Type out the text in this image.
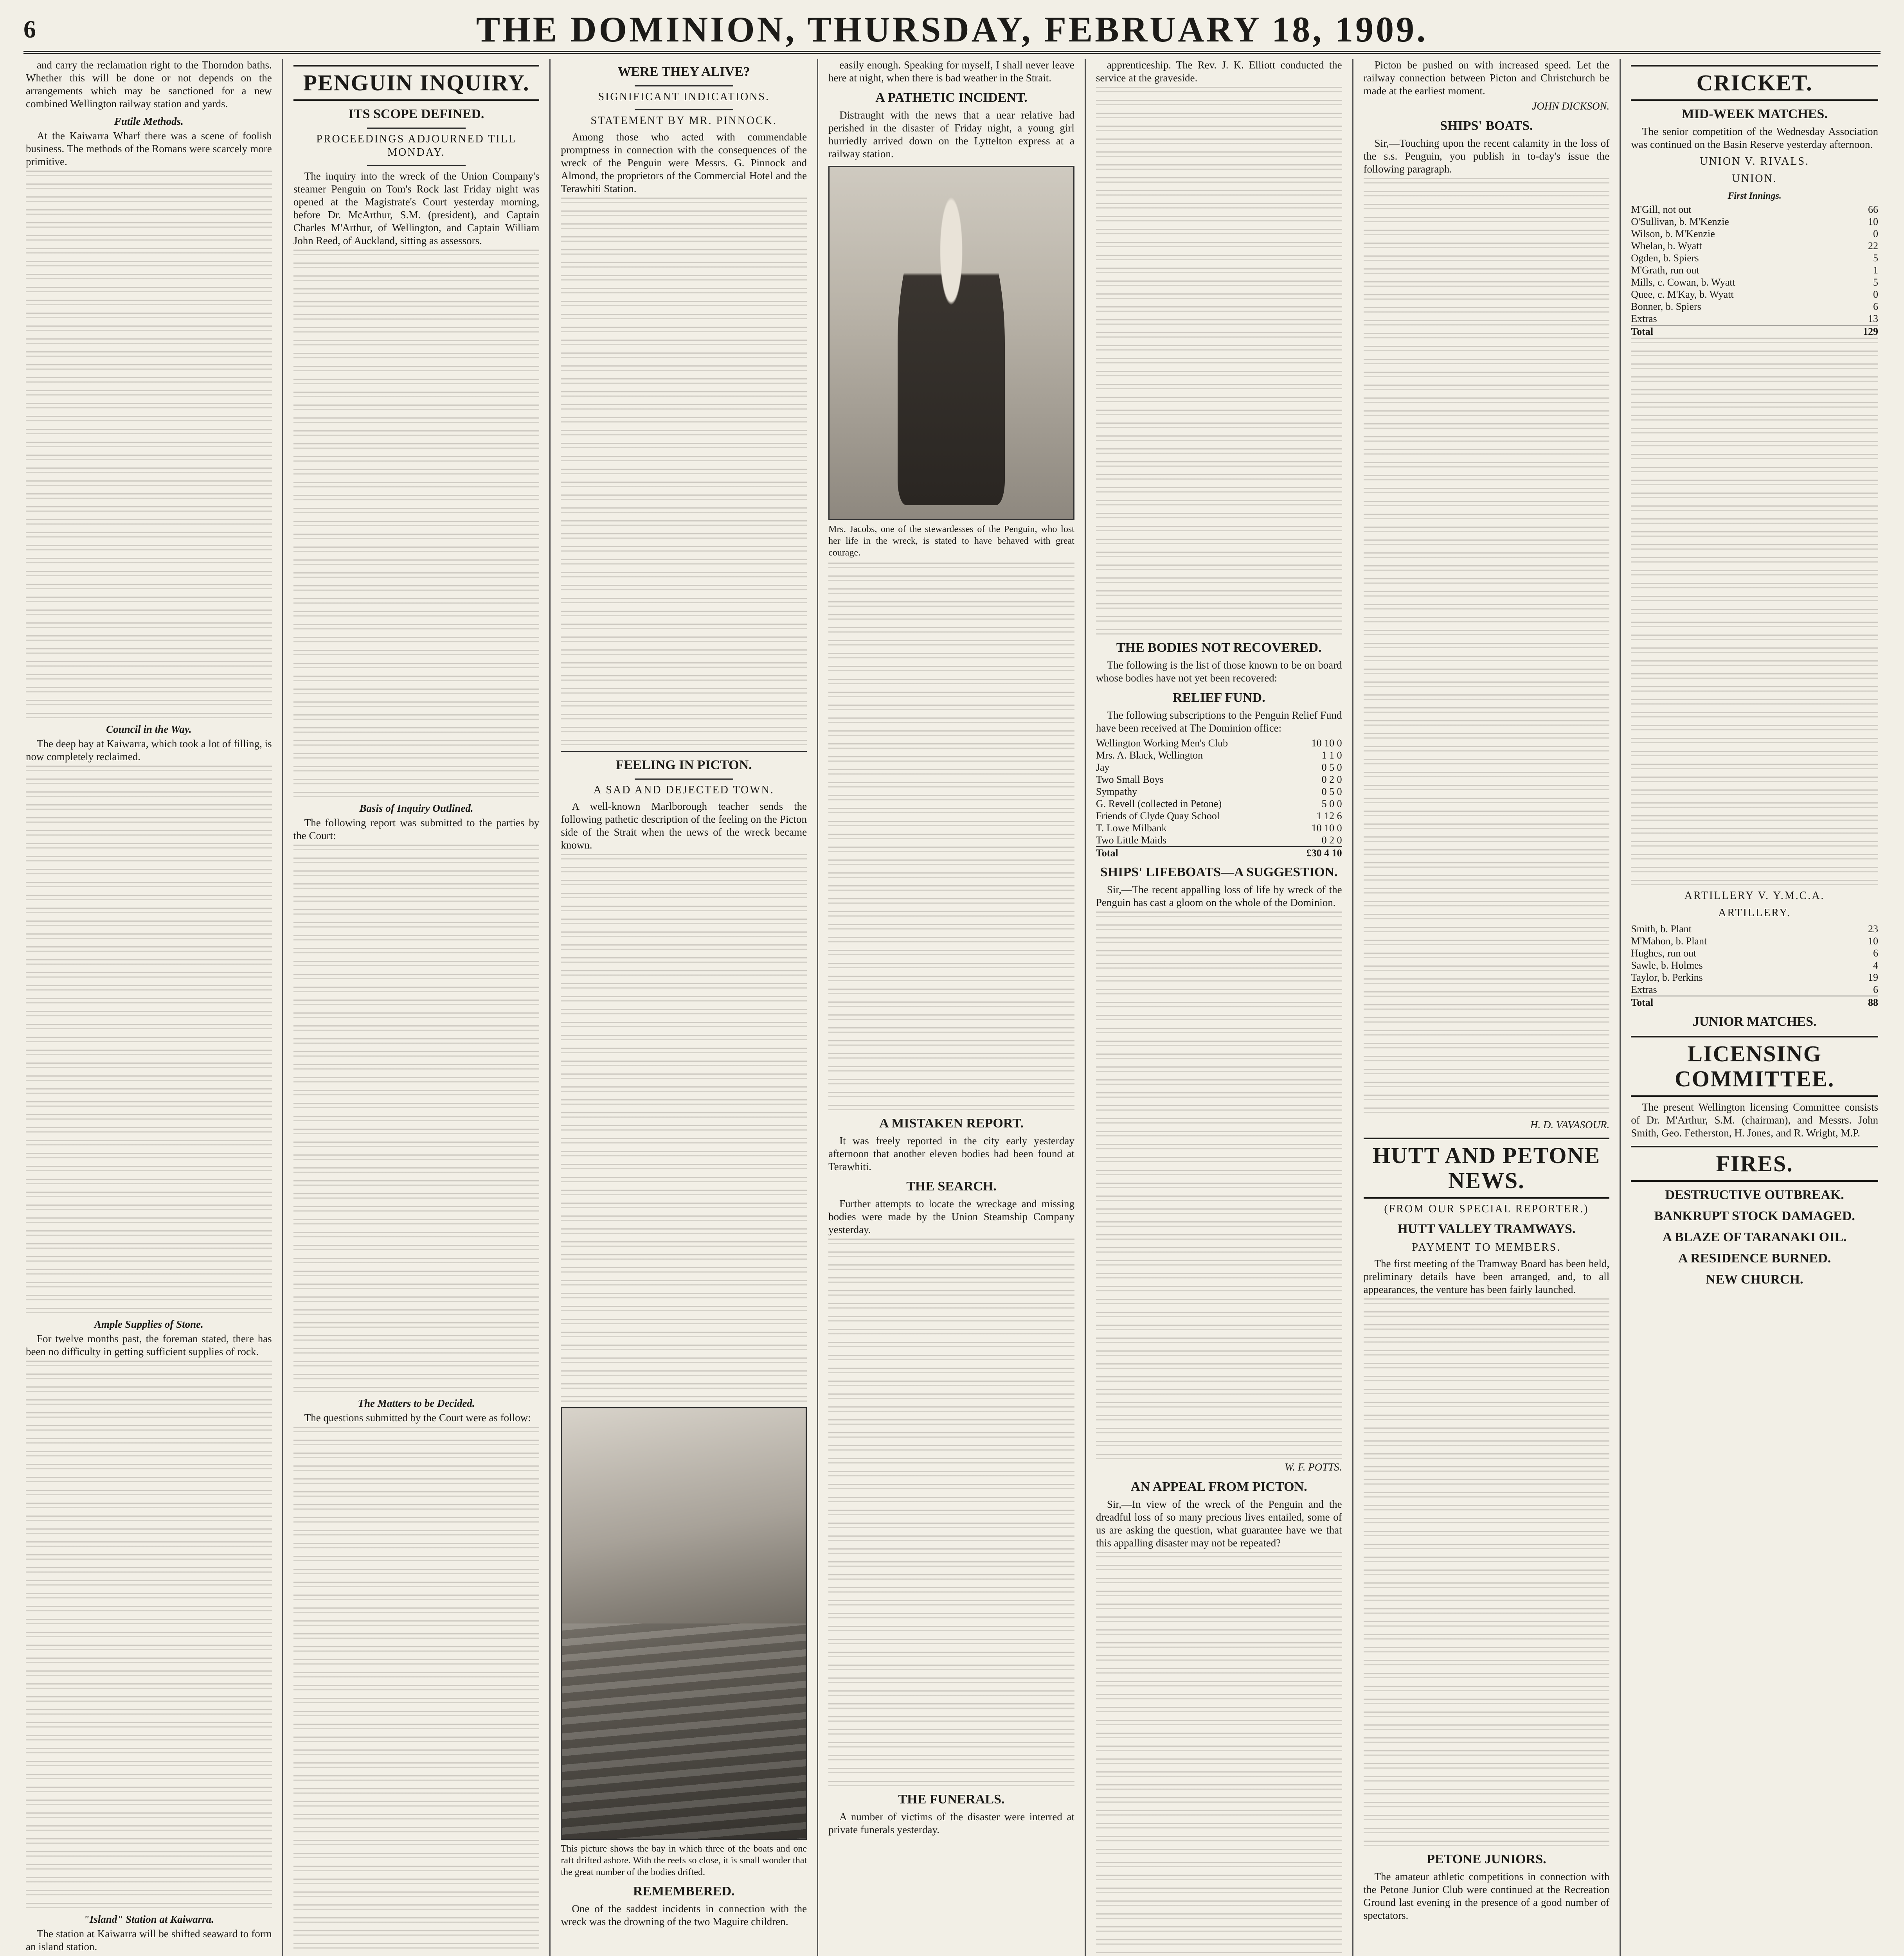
6	THE DOMINION, THURSDAY, FEBRUARY 18, 1909.

and carry the reclamation right to the Thorndon baths. Whether this will be done or not depends on the arrangements which may be sanctioned for a new combined Wellington railway station and yards.

Futile Methods.

At the Kaiwarra Wharf there was a scene of foolish business. The methods of the Romans were scarcely more primitive.

Council in the Way.

The deep bay at Kaiwarra, which took a lot of filling, is now completely reclaimed.

Ample Supplies of Stone.

For twelve months past, the foreman stated, there has been no difficulty in getting sufficient supplies of rock.

"Island" Station at Kaiwarra.

The station at Kaiwarra will be shifted seaward to form an island station.

PENGUIN INQUIRY.
ITS SCOPE DEFINED.
PROCEEDINGS ADJOURNED TILL MONDAY.

The inquiry into the wreck of the Union Company's steamer Penguin on Tom's Rock last Friday night was opened at the Magistrate's Court yesterday morning, before Dr. McArthur, S.M. (president), and Captain Charles M'Arthur, of Wellington, and Captain William John Reed, of Auckland, sitting as assessors.

Basis of Inquiry Outlined.

The following report was submitted to the parties by the Court:

The Matters to be Decided.

The questions submitted by the Court were as follow:

WERE THEY ALIVE?
SIGNIFICANT INDICATIONS.
STATEMENT BY MR. PINNOCK.

Among those who acted with commendable promptness in connection with the consequences of the wreck of the Penguin were Messrs. G. Pinnock and Almond, the proprietors of the Commercial Hotel and the Terawhiti Station.

FEELING IN PICTON.
A SAD AND DEJECTED TOWN.

A well-known Marlborough teacher sends the following pathetic description of the feeling on the Picton side of the Strait when the news of the wreck became known.

This picture shows the bay in which three of the boats and one raft drifted ashore. With the reefs so close, it is small wonder that the great number of the bodies drifted.
REMEMBERED.

One of the saddest incidents in connection with the wreck was the drowning of the two Maguire children.

easily enough. Speaking for myself, I shall never leave here at night, when there is bad weather in the Strait.

A PATHETIC INCIDENT.

Distraught with the news that a near relative had perished in the disaster of Friday night, a young girl hurriedly arrived down on the Lyttelton express at a railway station.

Mrs. Jacobs, one of the stewardesses of the Penguin, who lost her life in the wreck, is stated to have behaved with great courage.
A MISTAKEN REPORT.

It was freely reported in the city early yesterday afternoon that another eleven bodies had been found at Terawhiti.

THE SEARCH.

Further attempts to locate the wreckage and missing bodies were made by the Union Steamship Company yesterday.

THE FUNERALS.

A number of victims of the disaster were interred at private funerals yesterday.

apprenticeship. The Rev. J. K. Elliott conducted the service at the graveside.

THE BODIES NOT RECOVERED.

The following is the list of those known to be on board whose bodies have not yet been recovered:

RELIEF FUND.

The following subscriptions to the Penguin Relief Fund have been received at The Dominion office:

Wellington Working Men's Club	10 10 0
Mrs. A. Black, Wellington	1 1 0
Jay	0 5 0
Two Small Boys	0 2 0
Sympathy	0 5 0
G. Revell (collected in Petone)	5 0 0
Friends of Clyde Quay School	1 12 6
T. Lowe Milbank	10 10 0
Two Little Maids	0 2 0
Total	£30 4 10
SHIPS' LIFEBOATS—A SUGGESTION.

Sir,—The recent appalling loss of life by wreck of the Penguin has cast a gloom on the whole of the Dominion.

W. F. POTTS.
AN APPEAL FROM PICTON.

Sir,—In view of the wreck of the Penguin and the dreadful loss of so many precious lives entailed, some of us are asking the question, what guarantee have we that this appalling disaster may not be repeated?

Picton be pushed on with increased speed. Let the railway connection between Picton and Christchurch be made at the earliest moment.

JOHN DICKSON.
SHIPS' BOATS.

Sir,—Touching upon the recent calamity in the loss of the s.s. Penguin, you publish in to-day's issue the following paragraph.

H. D. VAVASOUR.
HUTT AND PETONE NEWS.
(FROM OUR SPECIAL REPORTER.)
HUTT VALLEY TRAMWAYS.
PAYMENT TO MEMBERS.

The first meeting of the Tramway Board has been held, preliminary details have been arranged, and, to all appearances, the venture has been fairly launched.

PETONE JUNIORS.

The amateur athletic competitions in connection with the Petone Junior Club were continued at the Recreation Ground last evening in the presence of a good number of spectators.

CRICKET.
MID-WEEK MATCHES.

The senior competition of the Wednesday Association was continued on the Basin Reserve yesterday afternoon.

UNION V. RIVALS.
UNION.
First Innings.
M'Gill, not out	66
O'Sullivan, b. M'Kenzie	10
Wilson, b. M'Kenzie	0
Whelan, b. Wyatt	22
Ogden, b. Spiers	5
M'Grath, run out	1
Mills, c. Cowan, b. Wyatt	5
Quee, c. M'Kay, b. Wyatt	0
Bonner, b. Spiers	6
Extras	13
Total	129
ARTILLERY V. Y.M.C.A.
ARTILLERY.
Smith, b. Plant	23
M'Mahon, b. Plant	10
Hughes, run out	6
Sawle, b. Holmes	4
Taylor, b. Perkins	19
Extras	6
Total	88
JUNIOR MATCHES.
LICENSING COMMITTEE.

The present Wellington licensing Committee consists of Dr. M'Arthur, S.M. (chairman), and Messrs. John Smith, Geo. Fetherston, H. Jones, and R. Wright, M.P.

FIRES.
DESTRUCTIVE OUTBREAK.
BANKRUPT STOCK DAMAGED.
A BLAZE OF TARANAKI OIL.
A RESIDENCE BURNED.
NEW CHURCH.
